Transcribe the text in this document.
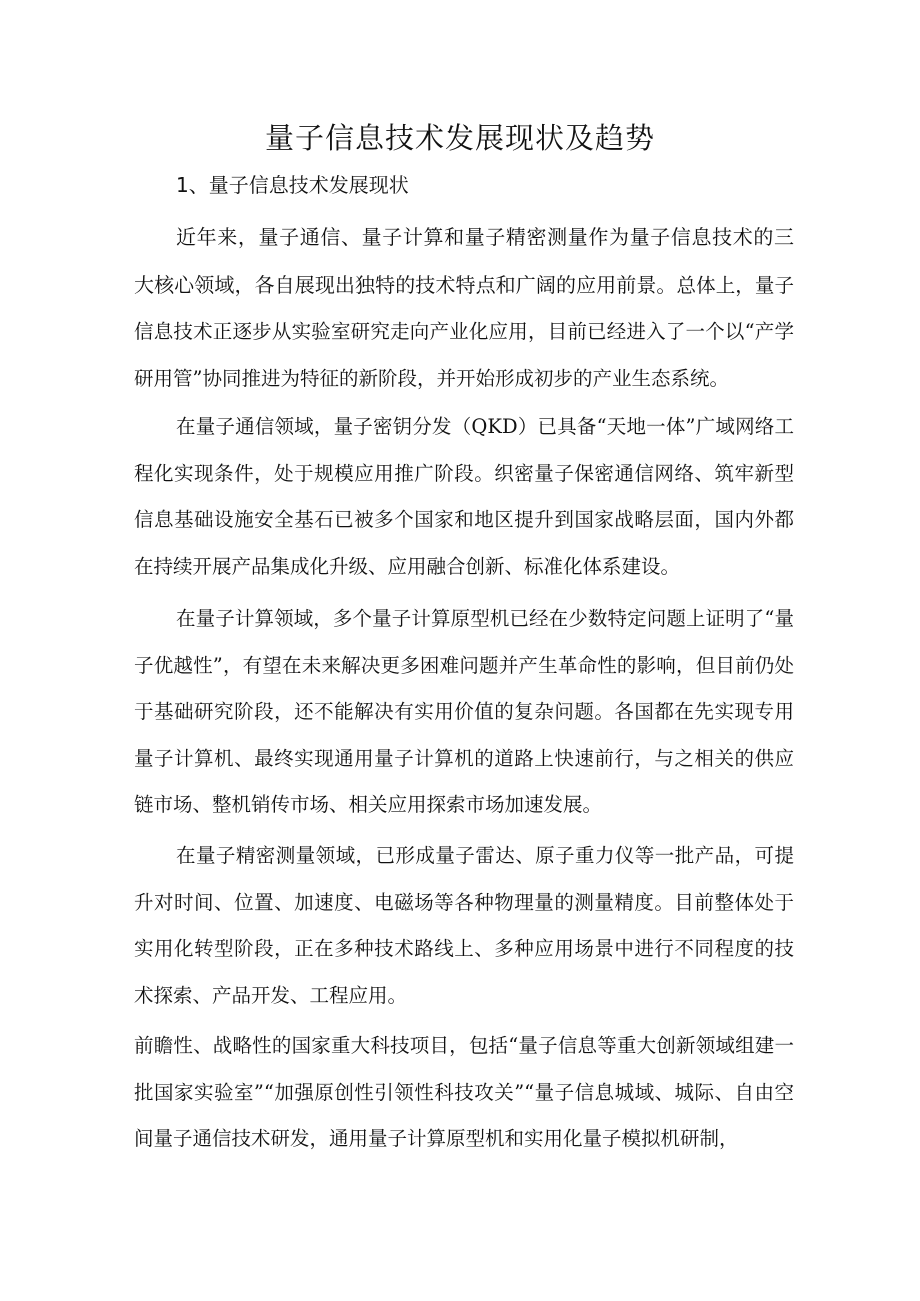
量子信息技术发展现状及趋势
1、量子信息技术发展现状

近年来，量子通信、量子计算和量子精密测量作为量子信息技术的三大核心领域，各自展现出独特的技术特点和广阔的应用前景。总体上，量子信息技术正逐步从实验室研究走向产业化应用，目前已经进入了一个以“产学研用管”协同推进为特征的新阶段，并开始形成初步的产业生态系统。

在量子通信领域，量子密钥分发（QKD）已具备“天地一体”广域网络工程化实现条件，处于规模应用推广阶段。织密量子保密通信网络、筑牢新型信息基础设施安全基石已被多个国家和地区提升到国家战略层面，国内外都在持续开展产品集成化升级、应用融合创新、标准化体系建设。

在量子计算领域，多个量子计算原型机已经在少数特定问题上证明了“量子优越性”，有望在未来解决更多困难问题并产生革命性的影响，但目前仍处于基础研究阶段，还不能解决有实用价值的复杂问题。各国都在先实现专用量子计算机、最终实现通用量子计算机的道路上快速前行，与之相关的供应链市场、整机销传市场、相关应用探索市场加速发展。

在量子精密测量领域，已形成量子雷达、原子重力仪等一批产品，可提升对时间、位置、加速度、电磁场等各种物理量的测量精度。目前整体处于实用化转型阶段，正在多种技术路线上、多种应用场景中进行不同程度的技术探索、产品开发、工程应用。

前瞻性、战略性的国家重大科技项目，包括“量子信息等重大创新领域组建一批国家实验室”“加强原创性引领性科技攻关”“量子信息城域、城际、自由空间量子通信技术研发，通用量子计算原型机和实用化量子模拟机研制，
